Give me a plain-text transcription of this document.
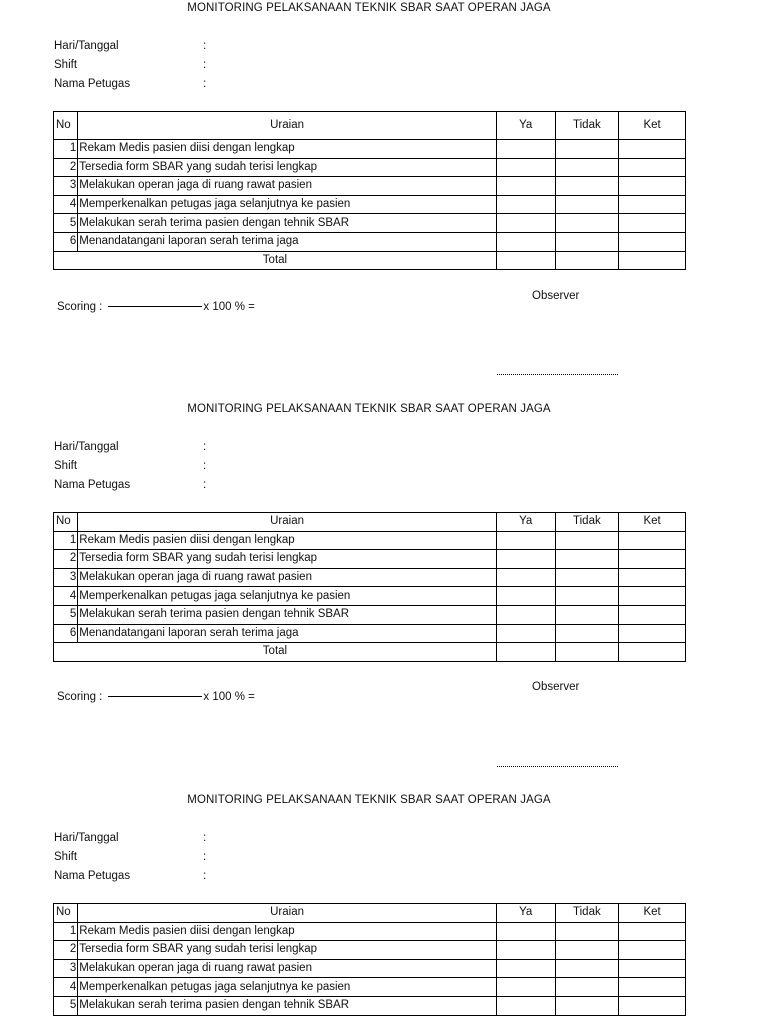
MONITORING PELAKSANAAN TEKNIK SBAR SAAT OPERAN JAGA
Hari/Tanggal	:
Shift	:
Nama Petugas	:
No	Uraian	Ya	Tidak	Ket
1	Rekam Medis pasien diisi dengan lengkap			
2	Tersedia form SBAR yang sudah terisi lengkap			
3	Melakukan operan jaga di ruang rawat pasien			
4	Memperkenalkan petugas jaga selanjutnya ke pasien			
5	Melakukan serah terima pasien dengan tehnik SBAR			
6	Menandatangani laporan serah terima jaga			
Total				
Scoring :	x 100 % =
Observer
MONITORING PELAKSANAAN TEKNIK SBAR SAAT OPERAN JAGA
Hari/Tanggal	:
Shift	:
Nama Petugas	:
No	Uraian	Ya	Tidak	Ket
1	Rekam Medis pasien diisi dengan lengkap			
2	Tersedia form SBAR yang sudah terisi lengkap			
3	Melakukan operan jaga di ruang rawat pasien			
4	Memperkenalkan petugas jaga selanjutnya ke pasien			
5	Melakukan serah terima pasien dengan tehnik SBAR			
6	Menandatangani laporan serah terima jaga			
Total				
Scoring :	x 100 % =
Observer
MONITORING PELAKSANAAN TEKNIK SBAR SAAT OPERAN JAGA
Hari/Tanggal	:
Shift	:
Nama Petugas	:
No	Uraian	Ya	Tidak	Ket
1	Rekam Medis pasien diisi dengan lengkap			
2	Tersedia form SBAR yang sudah terisi lengkap			
3	Melakukan operan jaga di ruang rawat pasien			
4	Memperkenalkan petugas jaga selanjutnya ke pasien			
5	Melakukan serah terima pasien dengan tehnik SBAR			
